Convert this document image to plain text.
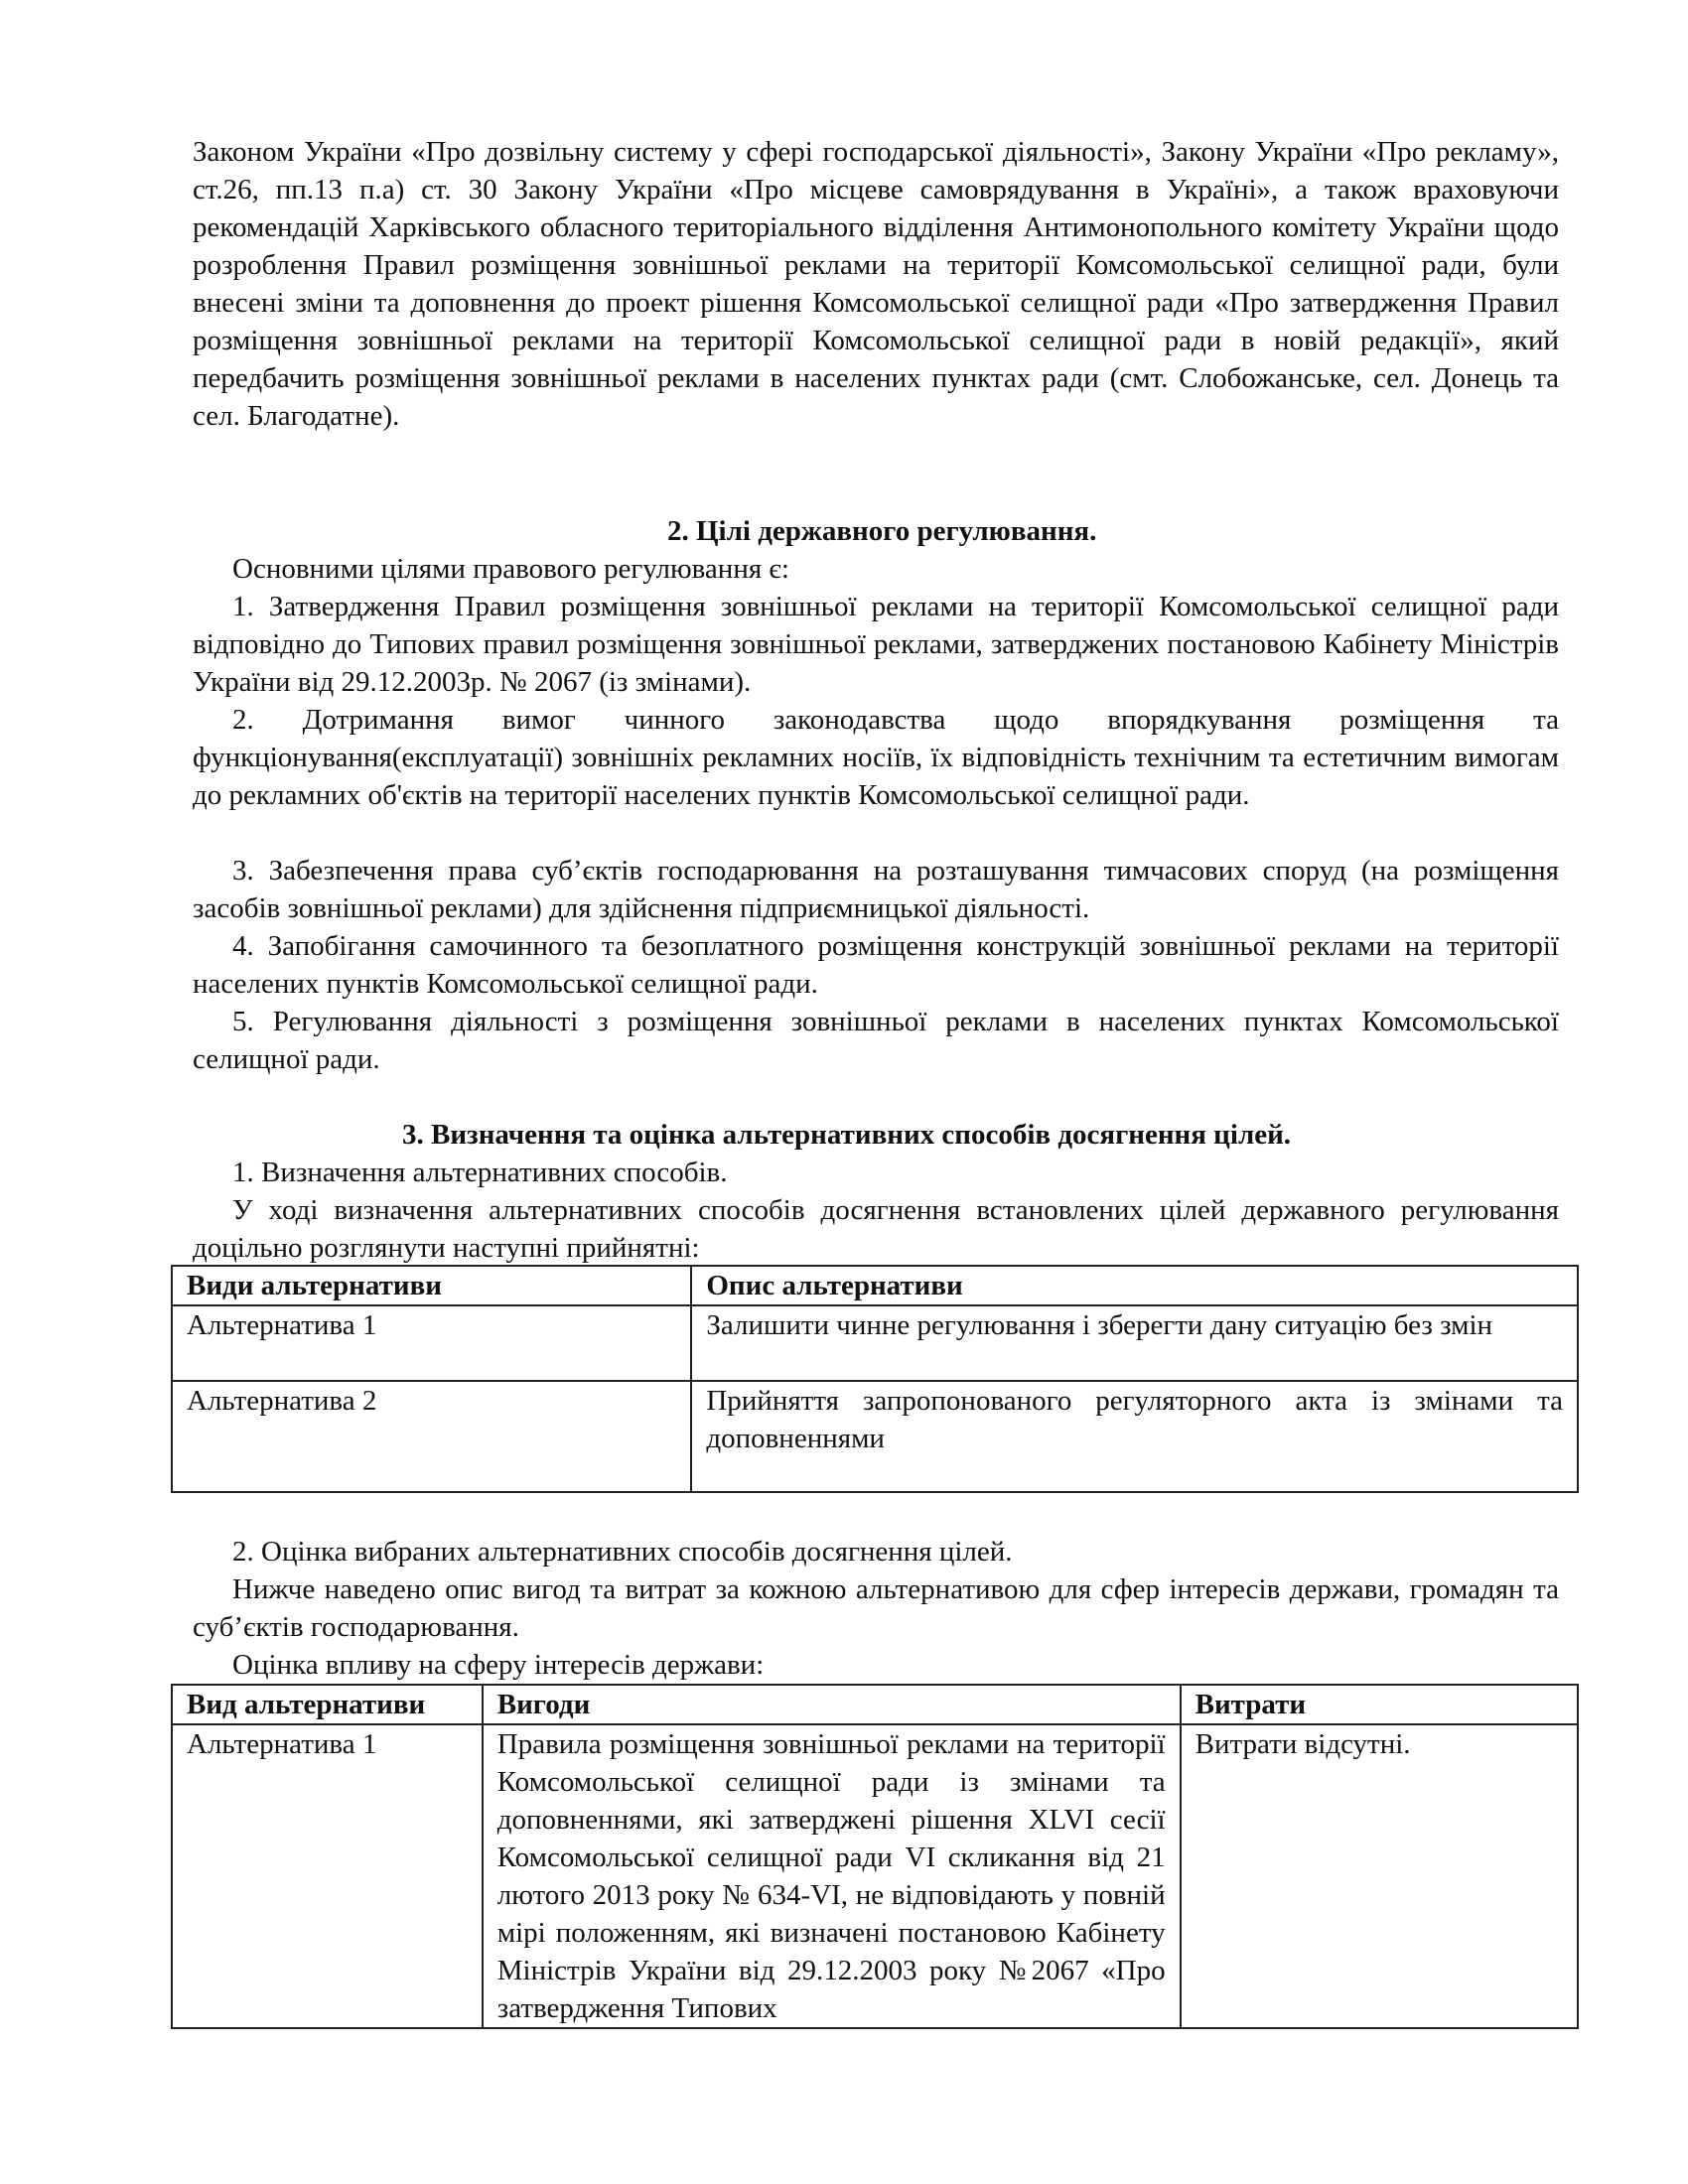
Законом України «Про дозвільну систему у сфері господарської діяльності», Закону України «Про рекламу», ст.26, пп.13 п.а) ст. 30 Закону України «Про місцеве самоврядування в Україні», а також враховуючи рекомендацій Харківського обласного територіального відділення Антимонопольного комітету України щодо розроблення Правил розміщення зовнішньої реклами на території Комсомольської селищної ради, були внесені зміни та доповнення до проект рішення Комсомольської селищної ради «Про затвердження Правил розміщення зовнішньої реклами на території Комсомольської селищної ради в новій редакції», який передбачить розміщення зовнішньої реклами в населених пунктах ради (смт. Слобожанське, сел. Донець та сел. Благодатне).

2. Цілі державного регулювання.

Основними цілями правового регулювання є:

1. Затвердження Правил розміщення зовнішньої реклами на території Комсомольської селищної ради відповідно до Типових правил розміщення зовнішньої реклами, затверджених постановою Кабінету Міністрів України від 29.12.2003р. № 2067 (із змінами).

2. Дотримання вимог чинного законодавства щодо впорядкування розміщення та функціонування(експлуатації) зовнішніх рекламних носіїв, їх відповідність технічним та естетичним вимогам до рекламних об'єктів на території населених пунктів Комсомольської селищної ради.

3. Забезпечення права суб’єктів господарювання на розташування тимчасових споруд (на розміщення засобів зовнішньої реклами) для здійснення підприємницької діяльності.

4. Запобігання самочинного та безоплатного розміщення конструкцій зовнішньої реклами на території населених пунктів Комсомольської селищної ради.

5. Регулювання діяльності з розміщення зовнішньої реклами в населених пунктах Комсомольської селищної ради.

3. Визначення та оцінка альтернативних способів досягнення цілей.

1. Визначення альтернативних способів.

У ході визначення альтернативних способів досягнення встановлених цілей державного регулювання доцільно розглянути наступні прийнятні:

Види альтернативи	Опис альтернативи
Альтернатива 1	Залишити чинне регулювання і зберегти дану ситуацію без змін
Альтернатива 2	Прийняття запропонованого регуляторного акта із змінами та доповненнями

2. Оцінка вибраних альтернативних способів досягнення цілей.

Нижче наведено опис вигод та витрат за кожною альтернативою для сфер інтересів держави, громадян та суб’єктів господарювання.

Оцінка впливу на сферу інтересів держави:

Вид альтернативи	Вигоди	Витрати
Альтернатива 1	Правила розміщення зовнішньої реклами на території Комсомольської селищної ради із змінами та доповненнями, які затверджені рішення XLVI сесії Комсомольської селищної ради VI скликання від 21 лютого 2013 року № 634-VI, не відповідають у повній мірі положенням, які визначені постановою Кабінету Міністрів України від 29.12.2003 року №2067 «Про затвердження Типових	Витрати відсутні.
